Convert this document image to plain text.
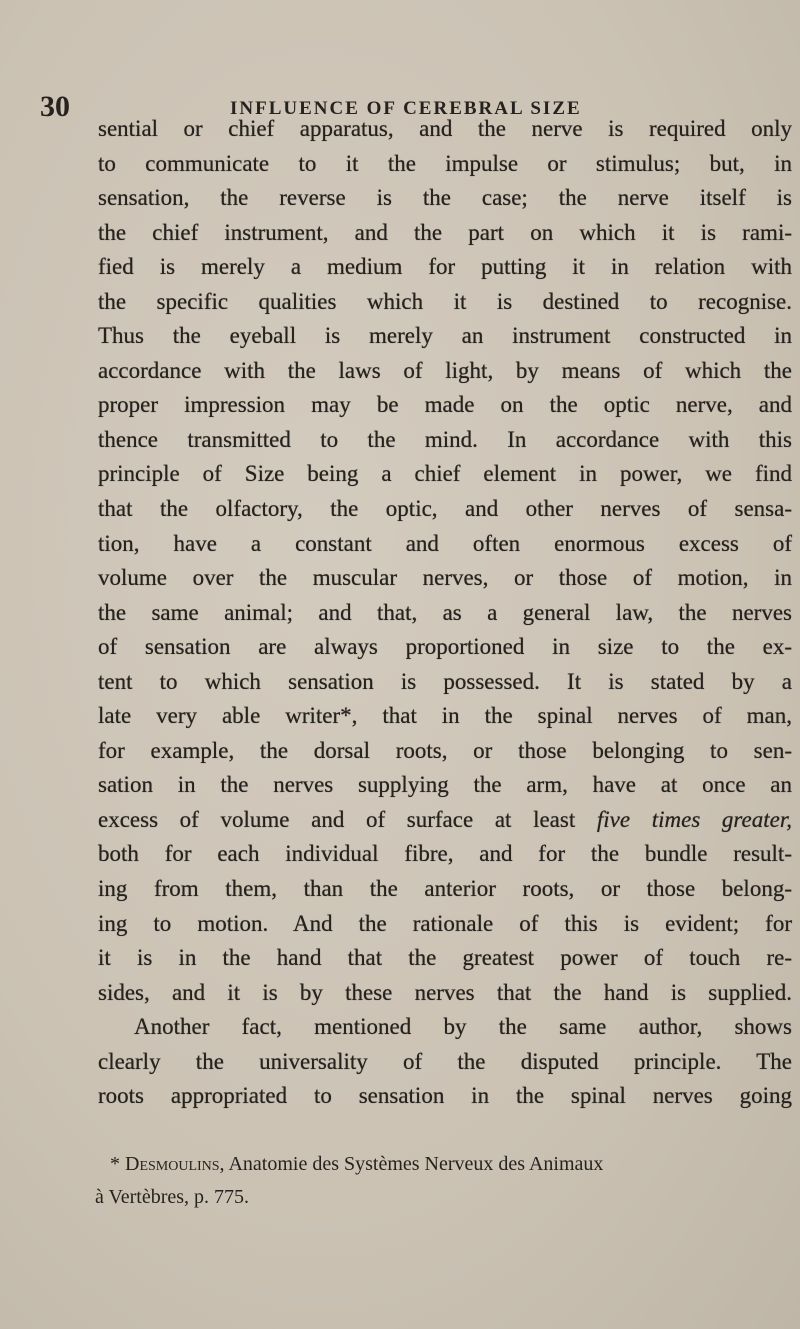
30	INFLUENCE OF CEREBRAL SIZE
sential or chief apparatus, and the nerve is required only
to communicate to it the impulse or stimulus; but, in
sensation, the reverse is the case; the nerve itself is
the chief instrument, and the part on which it is rami-
fied is merely a medium for putting it in relation with
the specific qualities which it is destined to recognise.
Thus the eyeball is merely an instrument constructed in
accordance with the laws of light, by means of which the
proper impression may be made on the optic nerve, and
thence transmitted to the mind. In accordance with this
principle of Size being a chief element in power, we find
that the olfactory, the optic, and other nerves of sensa-
tion, have a constant and often enormous excess of
volume over the muscular nerves, or those of motion, in
the same animal; and that, as a general law, the nerves
of sensation are always proportioned in size to the ex-
tent to which sensation is possessed. It is stated by a
late very able writer*, that in the spinal nerves of man,
for example, the dorsal roots, or those belonging to sen-
sation in the nerves supplying the arm, have at once an
excess of volume and of surface at least five times greater,
both for each individual fibre, and for the bundle result-
ing from them, than the anterior roots, or those belong-
ing to motion. And the rationale of this is evident; for
it is in the hand that the greatest power of touch re-
sides, and it is by these nerves that the hand is supplied.
Another fact, mentioned by the same author, shows
clearly the universality of the disputed principle. The
roots appropriated to sensation in the spinal nerves going
* Desmoulins, Anatomie des Systèmes Nerveux des Animaux
à Vertèbres, p. 775.
